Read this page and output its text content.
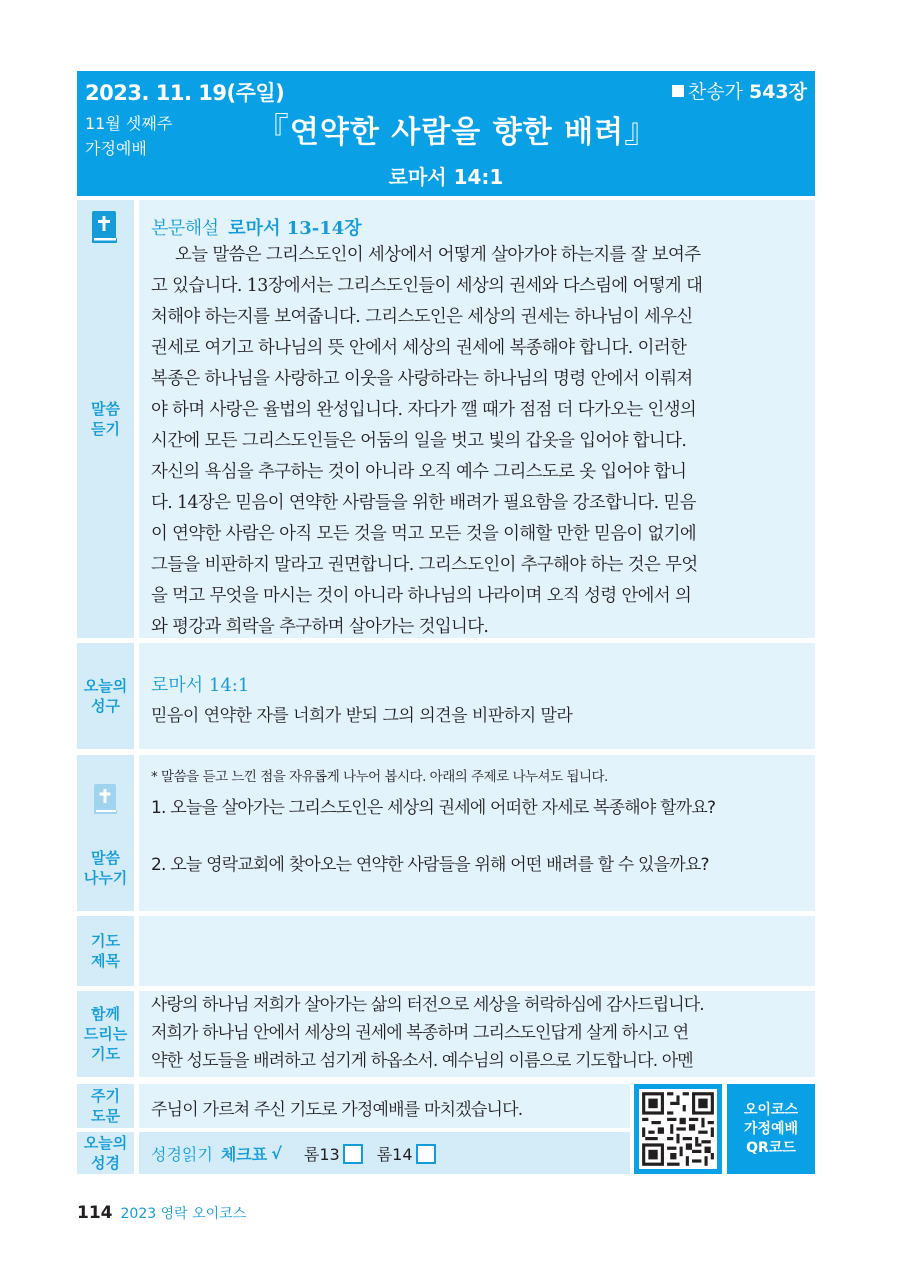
2023. 11. 19(주일)
11월 셋째주
가정예배
찬송가 543장
『연약한 사람을 향한 배려』
로마서 14:1
말씀
듣기
본문해설 로마서 13-14장
오늘 말씀은 그리스도인이 세상에서 어떻게 살아가야 하는지를 잘 보여주
고 있습니다. 13장에서는 그리스도인들이 세상의 권세와 다스림에 어떻게 대
처해야 하는지를 보여줍니다. 그리스도인은 세상의 권세는 하나님이 세우신
권세로 여기고 하나님의 뜻 안에서 세상의 권세에 복종해야 합니다. 이러한
복종은 하나님을 사랑하고 이웃을 사랑하라는 하나님의 명령 안에서 이뤄져
야 하며 사랑은 율법의 완성입니다. 자다가 깰 때가 점점 더 다가오는 인생의
시간에 모든 그리스도인들은 어둠의 일을 벗고 빛의 갑옷을 입어야 합니다.
자신의 욕심을 추구하는 것이 아니라 오직 예수 그리스도로 옷 입어야 합니
다. 14장은 믿음이 연약한 사람들을 위한 배려가 필요함을 강조합니다. 믿음
이 연약한 사람은 아직 모든 것을 먹고 모든 것을 이해할 만한 믿음이 없기에
그들을 비판하지 말라고 권면합니다. 그리스도인이 추구해야 하는 것은 무엇
을 먹고 무엇을 마시는 것이 아니라 하나님의 나라이며 오직 성령 안에서 의
와 평강과 희락을 추구하며 살아가는 것입니다.
오늘의
성구
로마서 14:1
믿음이 연약한 자를 너희가 받되 그의 의견을 비판하지 말라
말씀
나누기
* 말씀을 듣고 느낀 점을 자유롭게 나누어 봅시다. 아래의 주제로 나누셔도 됩니다.
1. 오늘을 살아가는 그리스도인은 세상의 권세에 어떠한 자세로 복종해야 할까요?
2. 오늘 영락교회에 찾아오는 연약한 사람들을 위해 어떤 배려를 할 수 있을까요?
기도
제목
함께
드리는
기도
사랑의 하나님 저희가 살아가는 삶의 터전으로 세상을 허락하심에 감사드립니다.
저희가 하나님 안에서 세상의 권세에 복종하며 그리스도인답게 살게 하시고 연
약한 성도들을 배려하고 섬기게 하옵소서. 예수님의 이름으로 기도합니다. 아멘
주기
도문 주님이 가르쳐 주신 기도로 가정예배를 마치겠습니다.
오늘의
성경 성경읽기 체크표 √ 롬13 롬14
오이코스
가정예배
QR코드
114 2023 영락 오이코스
